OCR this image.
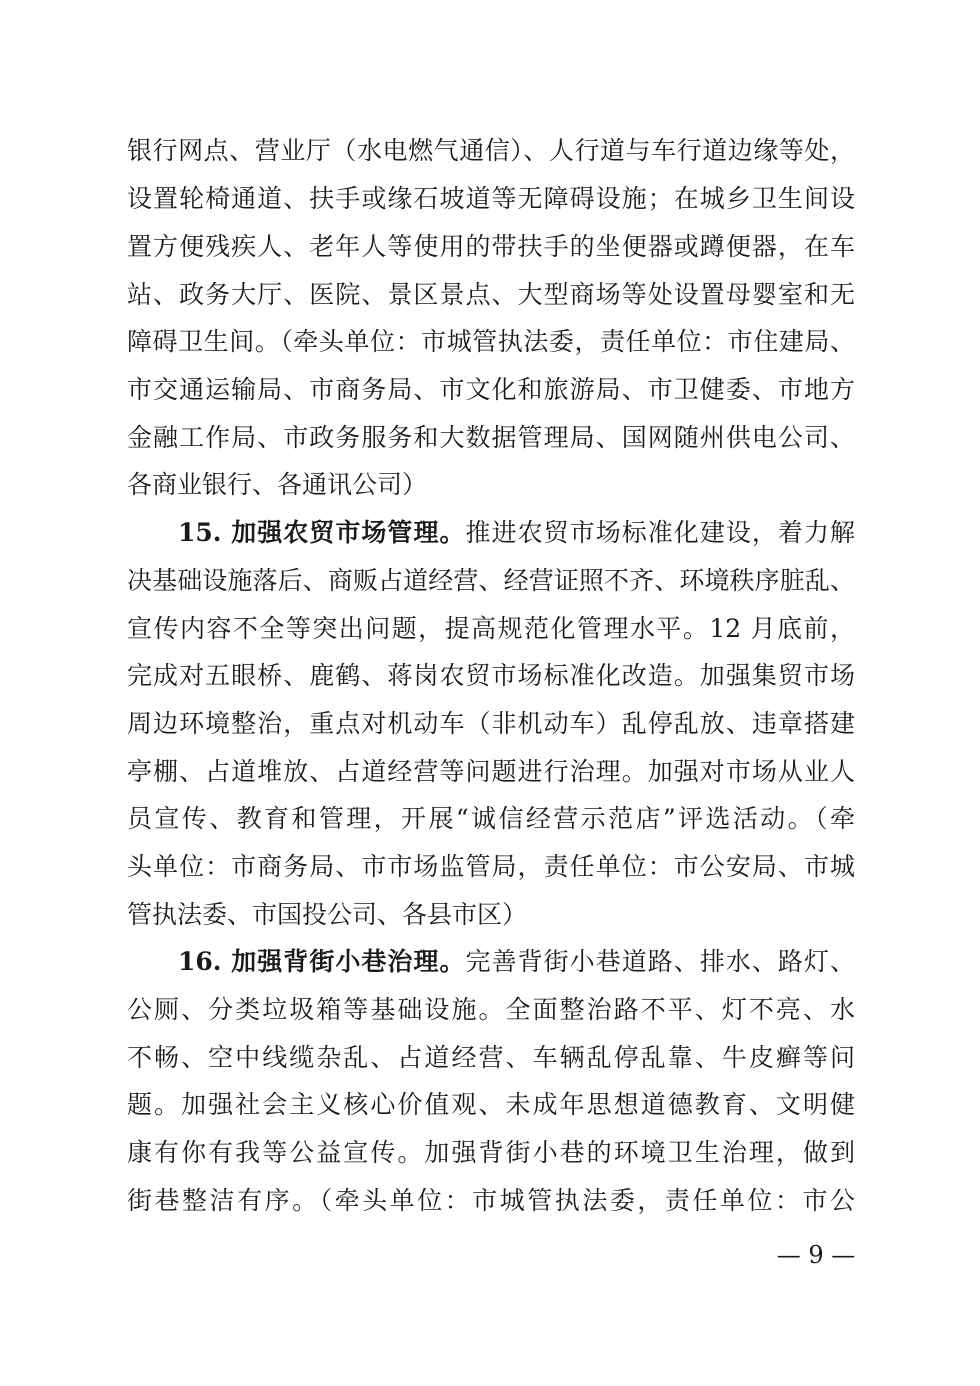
银行网点、营业厅（水电燃气通信）、人行道与车行道边缘等处，
设置轮椅通道、扶手或缘石坡道等无障碍设施；在城乡卫生间设
置方便残疾人、老年人等使用的带扶手的坐便器或蹲便器，在车
站、政务大厅、医院、景区景点、大型商场等处设置母婴室和无
障碍卫生间。（牵头单位：市城管执法委，责任单位：市住建局、
市交通运输局、市商务局、市文化和旅游局、市卫健委、市地方
金融工作局、市政务服务和大数据管理局、国网随州供电公司、
各商业银行、各通讯公司）
15. 加强农贸市场管理。推进农贸市场标准化建设，着力解
决基础设施落后、商贩占道经营、经营证照不齐、环境秩序脏乱、
宣传内容不全等突出问题，提高规范化管理水平。12 月底前，
完成对五眼桥、鹿鹤、蒋岗农贸市场标准化改造。加强集贸市场
周边环境整治，重点对机动车（非机动车）乱停乱放、违章搭建
亭棚、占道堆放、占道经营等问题进行治理。加强对市场从业人
员宣传、教育和管理，开展“诚信经营示范店”评选活动。（牵
头单位：市商务局、市市场监管局，责任单位：市公安局、市城
管执法委、市国投公司、各县市区）
16. 加强背街小巷治理。完善背街小巷道路、排水、路灯、
公厕、分类垃圾箱等基础设施。全面整治路不平、灯不亮、水
不畅、空中线缆杂乱、占道经营、车辆乱停乱靠、牛皮癣等问
题。加强社会主义核心价值观、未成年思想道德教育、文明健
康有你有我等公益宣传。加强背街小巷的环境卫生治理，做到
街巷整洁有序。（牵头单位：市城管执法委，责任单位：市公
— 9 —
